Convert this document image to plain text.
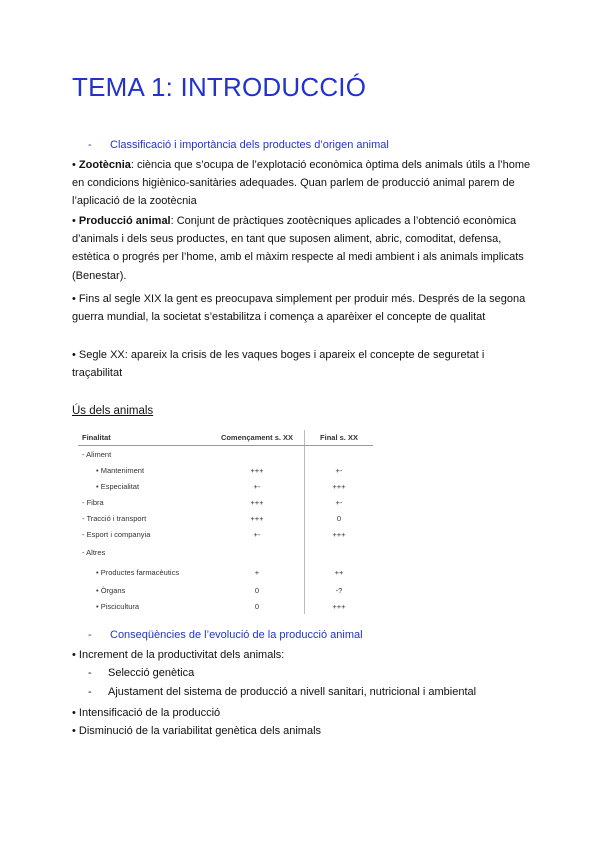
TEMA 1: INTRODUCCIÓ
- Classificació i importància dels productes d’origen animal
• Zootècnia: ciència que s’ocupa de l’explotació econòmica òptima dels animals útils a l’home en condicions higiènico-sanitàries adequades. Quan parlem de producció animal parem de l’aplicació de la zootècnia
• Producció animal: Conjunt de pràctiques zootècniques aplicades a l’obtenció econòmica d’animals i dels seus productes, en tant que suposen aliment, abric, comoditat, defensa, estètica o progrés per l’home, amb el màxim respecte al medi ambient i als animals implicats (Benestar).
• Fins al segle XIX la gent es preocupava simplement per produir més. Després de la segona guerra mundial, la societat s’estabilitza i comença a aparèixer el concepte de qualitat
• Segle XX: apareix la crisis de les vaques boges i apareix el concepte de seguretat i traçabilitat
Ús dels animals
Finalitat	Començament s. XX	Final s. XX
- Aliment		
• Manteniment	+++	+-
• Especialitat	+-	+++
- Fibra	+++	+-
- Tracció i transport	+++	0
- Esport i companyia	+-	+++
- Altres		
• Productes farmacèutics	+	++
• Òrgans	0	-?
• Piscicultura	0	+++
- Conseqüències de l’evolució de la producció animal
• Increment de la productivitat dels animals:
- Selecció genètica
- Ajustament del sistema de producció a nivell sanitari, nutricional i ambiental
• Intensificació de la producció
• Disminució de la variabilitat genètica dels animals
